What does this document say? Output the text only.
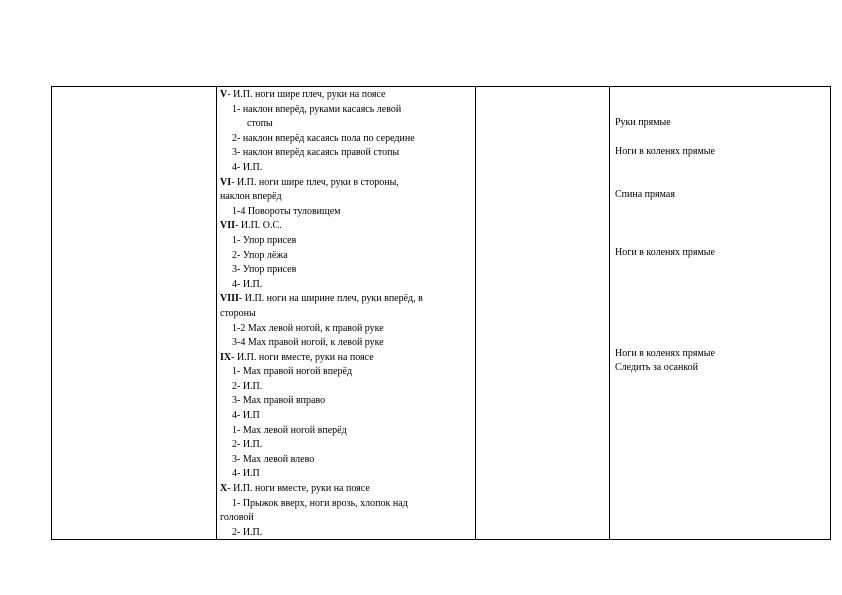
V- И.П. ноги шире плеч, руки на поясе
1- наклон вперёд, руками касаясь левой
стопы
2- наклон вперёд касаясь пола по середине
3- наклон вперёд касаясь правой стопы
4- И.П.
VI- И.П. ноги шире плеч, руки в стороны,
наклон вперёд
1-4 Повороты туловищем
VII- И.П. О.С.
1- Упор присев
2- Упор лёжа
3- Упор присев
4- И.П.
VIII- И.П. ноги на ширине плеч, руки вперёд, в
стороны
1-2 Мах левой ногой, к правой руке
3-4 Мах правой ногой, к левой руке
IX- И.П. ноги вместе, руки на поясе
1- Мах правой ногой вперёд
2- И.П.
3- Мах правой вправо
4- И.П
1- Мах левой ногой вперёд
2- И.П.
3- Мах левой влево
4- И.П
X- И.П. ноги вместе, руки на поясе
1- Прыжок вверх, ноги врозь, хлопок над
головой
2- И.П.
Руки прямые
Ноги в коленях прямые
Спина прямая
Ноги в коленях прямые
Ноги в коленях прямые
Следить за осанкой
